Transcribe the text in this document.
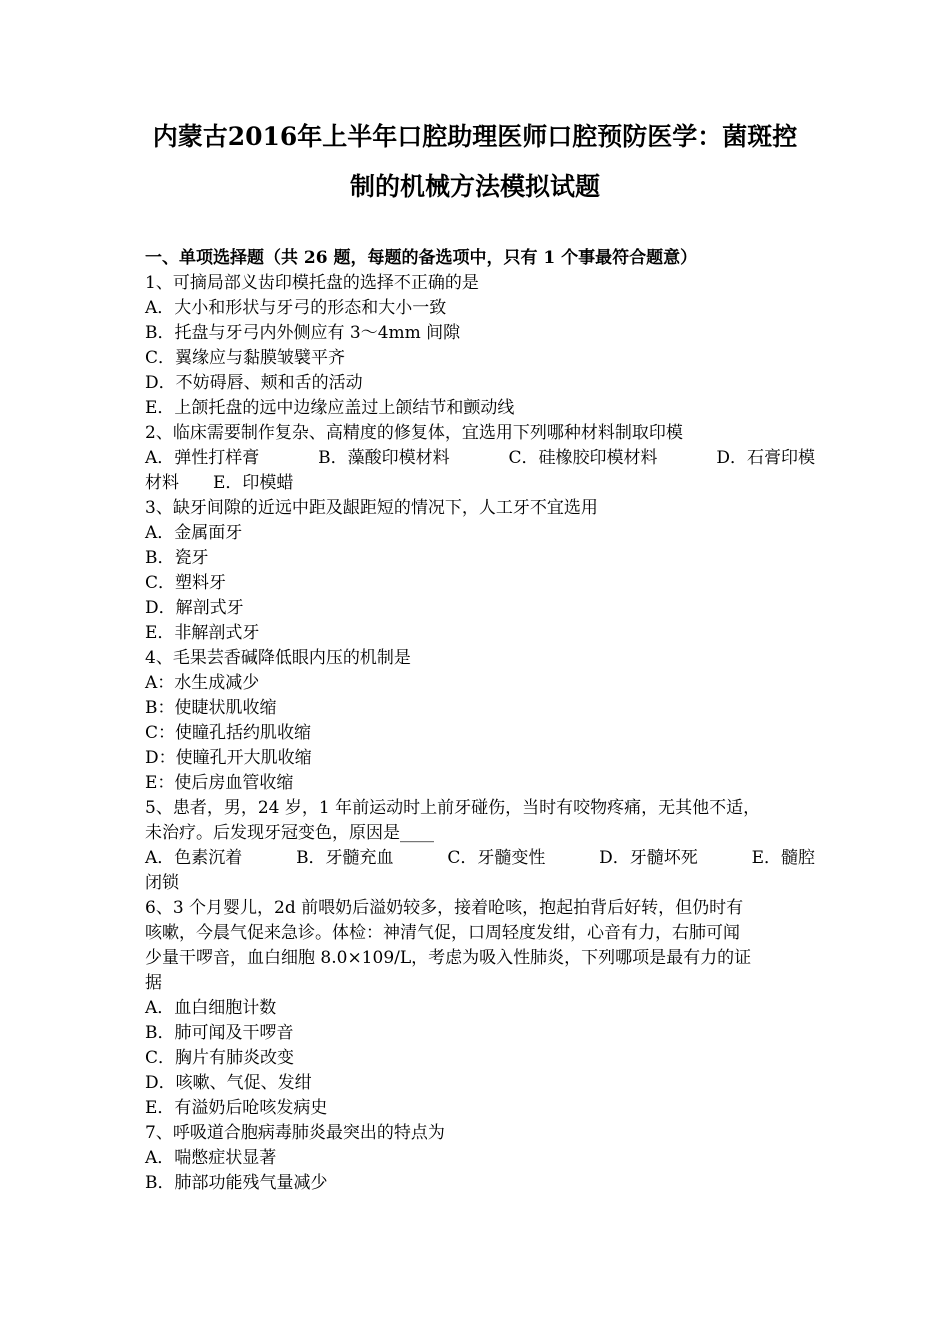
内蒙古2016年上半年口腔助理医师口腔预防医学：菌斑控
制的机械方法模拟试题
一、单项选择题（共 26 题，每题的备选项中，只有 1 个事最符合题意）
1、可摘局部义齿印模托盘的选择不正确的是
A．大小和形状与牙弓的形态和大小一致
B．托盘与牙弓内外侧应有 3～4mm 间隙
C．翼缘应与黏膜皱襞平齐
D．不妨碍唇、颊和舌的活动
E．上颌托盘的远中边缘应盖过上颌结节和颤动线
2、临床需要制作复杂、高精度的修复体，宜选用下列哪种材料制取印模
A．弹性打样膏	B．藻酸印模材料	C．硅橡胶印模材料	D．石膏印模
材料　　E．印模蜡
3、缺牙间隙的近远中距及龈距短的情况下，人工牙不宜选用
A．金属面牙
B．瓷牙
C．塑料牙
D．解剖式牙
E．非解剖式牙
4、毛果芸香碱降低眼内压的机制是
A：水生成减少
B：使睫状肌收缩
C：使瞳孔括约肌收缩
D：使瞳孔开大肌收缩
E：使后房血管收缩
5、患者，男，24 岁，1 年前运动时上前牙碰伤，当时有咬物疼痛，无其他不适，
未治疗。后发现牙冠变色，原因是____
A．色素沉着	B．牙髓充血	C．牙髓变性	D．牙髓坏死	E．髓腔
闭锁
6、3 个月婴儿，2d 前喂奶后溢奶较多，接着呛咳，抱起拍背后好转，但仍时有
咳嗽，今晨气促来急诊。体检：神清气促，口周轻度发绀，心音有力，右肺可闻
少量干啰音，血白细胞 8.0×109/L，考虑为吸入性肺炎，下列哪项是最有力的证
据
A．血白细胞计数
B．肺可闻及干啰音
C．胸片有肺炎改变
D．咳嗽、气促、发绀
E．有溢奶后呛咳发病史
7、呼吸道合胞病毒肺炎最突出的特点为
A．喘憋症状显著
B．肺部功能残气量减少
